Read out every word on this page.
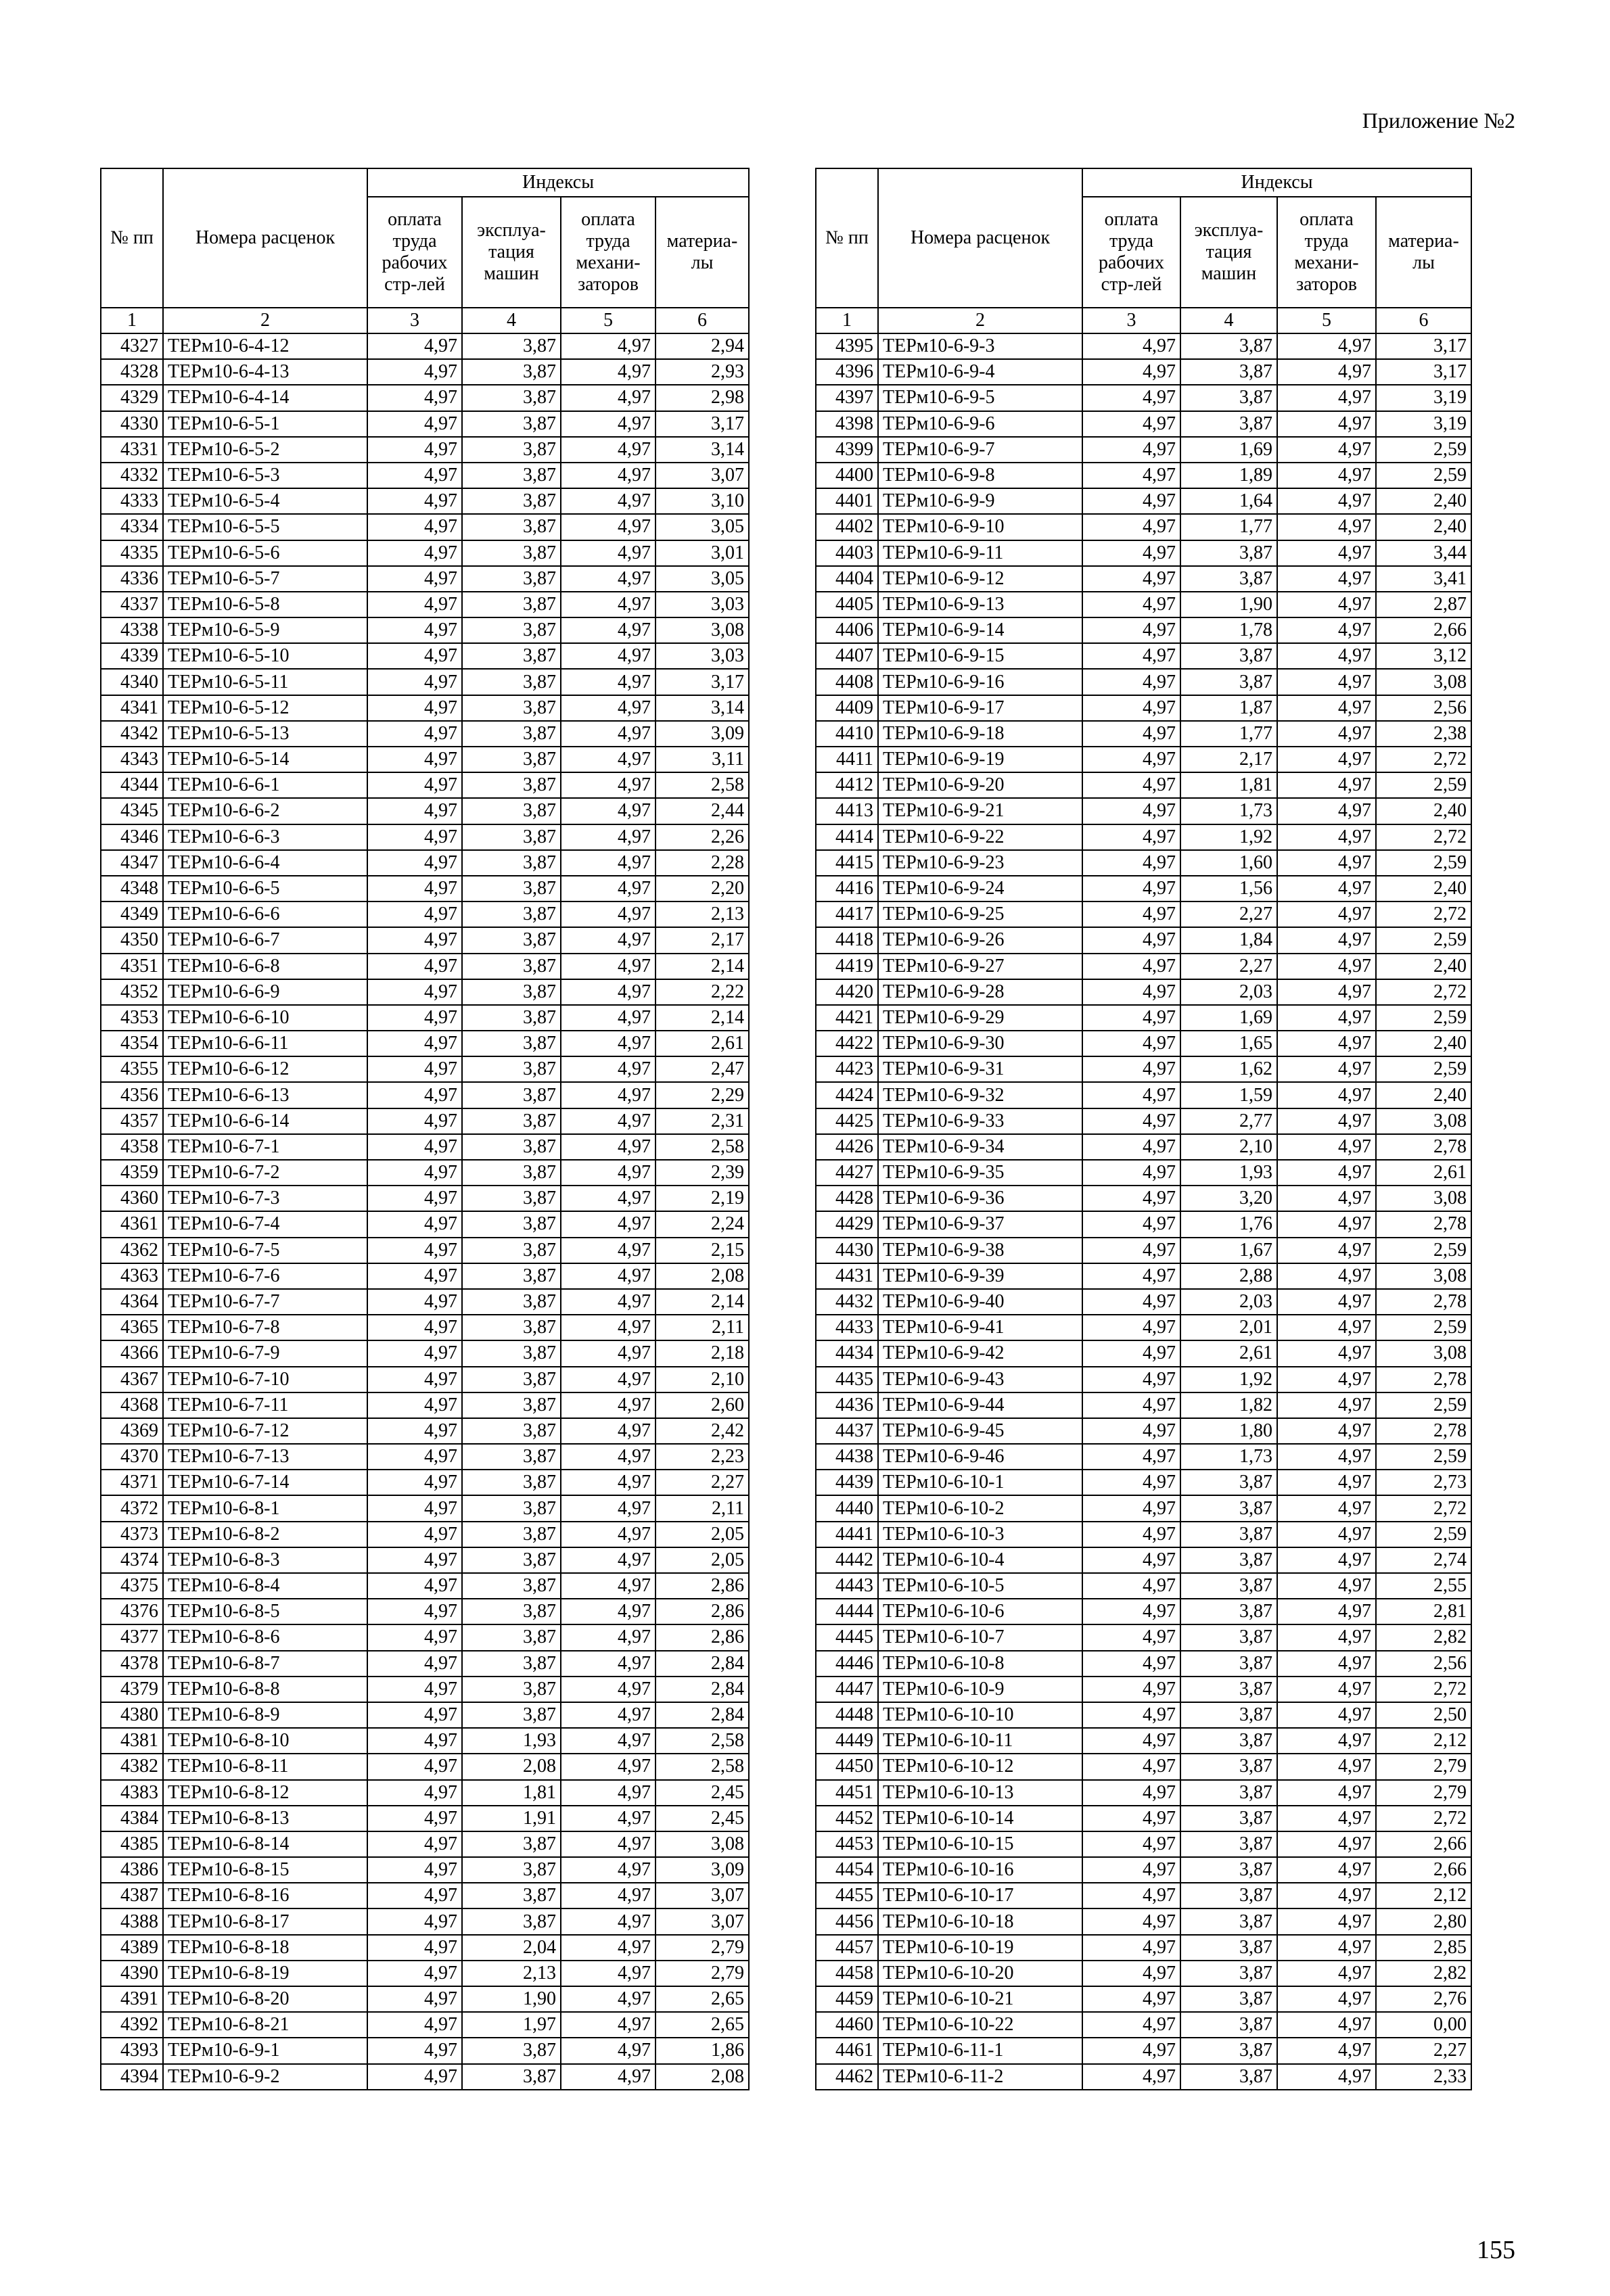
Приложение №2
№ пп	Номера расценок	Индексы			
		оплата труда рабочих стр-лей	эксплуа-тация машин	оплата труда механи-заторов	материа-лы
1	2	3	4	5	6
4327	ТЕРм10-6-4-12	4,97	3,87	4,97	2,94
4328	ТЕРм10-6-4-13	4,97	3,87	4,97	2,93
4329	ТЕРм10-6-4-14	4,97	3,87	4,97	2,98
4330	ТЕРм10-6-5-1	4,97	3,87	4,97	3,17
4331	ТЕРм10-6-5-2	4,97	3,87	4,97	3,14
4332	ТЕРм10-6-5-3	4,97	3,87	4,97	3,07
4333	ТЕРм10-6-5-4	4,97	3,87	4,97	3,10
4334	ТЕРм10-6-5-5	4,97	3,87	4,97	3,05
4335	ТЕРм10-6-5-6	4,97	3,87	4,97	3,01
4336	ТЕРм10-6-5-7	4,97	3,87	4,97	3,05
4337	ТЕРм10-6-5-8	4,97	3,87	4,97	3,03
4338	ТЕРм10-6-5-9	4,97	3,87	4,97	3,08
4339	ТЕРм10-6-5-10	4,97	3,87	4,97	3,03
4340	ТЕРм10-6-5-11	4,97	3,87	4,97	3,17
4341	ТЕРм10-6-5-12	4,97	3,87	4,97	3,14
4342	ТЕРм10-6-5-13	4,97	3,87	4,97	3,09
4343	ТЕРм10-6-5-14	4,97	3,87	4,97	3,11
4344	ТЕРм10-6-6-1	4,97	3,87	4,97	2,58
4345	ТЕРм10-6-6-2	4,97	3,87	4,97	2,44
4346	ТЕРм10-6-6-3	4,97	3,87	4,97	2,26
4347	ТЕРм10-6-6-4	4,97	3,87	4,97	2,28
4348	ТЕРм10-6-6-5	4,97	3,87	4,97	2,20
4349	ТЕРм10-6-6-6	4,97	3,87	4,97	2,13
4350	ТЕРм10-6-6-7	4,97	3,87	4,97	2,17
4351	ТЕРм10-6-6-8	4,97	3,87	4,97	2,14
4352	ТЕРм10-6-6-9	4,97	3,87	4,97	2,22
4353	ТЕРм10-6-6-10	4,97	3,87	4,97	2,14
4354	ТЕРм10-6-6-11	4,97	3,87	4,97	2,61
4355	ТЕРм10-6-6-12	4,97	3,87	4,97	2,47
4356	ТЕРм10-6-6-13	4,97	3,87	4,97	2,29
4357	ТЕРм10-6-6-14	4,97	3,87	4,97	2,31
4358	ТЕРм10-6-7-1	4,97	3,87	4,97	2,58
4359	ТЕРм10-6-7-2	4,97	3,87	4,97	2,39
4360	ТЕРм10-6-7-3	4,97	3,87	4,97	2,19
4361	ТЕРм10-6-7-4	4,97	3,87	4,97	2,24
4362	ТЕРм10-6-7-5	4,97	3,87	4,97	2,15
4363	ТЕРм10-6-7-6	4,97	3,87	4,97	2,08
4364	ТЕРм10-6-7-7	4,97	3,87	4,97	2,14
4365	ТЕРм10-6-7-8	4,97	3,87	4,97	2,11
4366	ТЕРм10-6-7-9	4,97	3,87	4,97	2,18
4367	ТЕРм10-6-7-10	4,97	3,87	4,97	2,10
4368	ТЕРм10-6-7-11	4,97	3,87	4,97	2,60
4369	ТЕРм10-6-7-12	4,97	3,87	4,97	2,42
4370	ТЕРм10-6-7-13	4,97	3,87	4,97	2,23
4371	ТЕРм10-6-7-14	4,97	3,87	4,97	2,27
4372	ТЕРм10-6-8-1	4,97	3,87	4,97	2,11
4373	ТЕРм10-6-8-2	4,97	3,87	4,97	2,05
4374	ТЕРм10-6-8-3	4,97	3,87	4,97	2,05
4375	ТЕРм10-6-8-4	4,97	3,87	4,97	2,86
4376	ТЕРм10-6-8-5	4,97	3,87	4,97	2,86
4377	ТЕРм10-6-8-6	4,97	3,87	4,97	2,86
4378	ТЕРм10-6-8-7	4,97	3,87	4,97	2,84
4379	ТЕРм10-6-8-8	4,97	3,87	4,97	2,84
4380	ТЕРм10-6-8-9	4,97	3,87	4,97	2,84
4381	ТЕРм10-6-8-10	4,97	1,93	4,97	2,58
4382	ТЕРм10-6-8-11	4,97	2,08	4,97	2,58
4383	ТЕРм10-6-8-12	4,97	1,81	4,97	2,45
4384	ТЕРм10-6-8-13	4,97	1,91	4,97	2,45
4385	ТЕРм10-6-8-14	4,97	3,87	4,97	3,08
4386	ТЕРм10-6-8-15	4,97	3,87	4,97	3,09
4387	ТЕРм10-6-8-16	4,97	3,87	4,97	3,07
4388	ТЕРм10-6-8-17	4,97	3,87	4,97	3,07
4389	ТЕРм10-6-8-18	4,97	2,04	4,97	2,79
4390	ТЕРм10-6-8-19	4,97	2,13	4,97	2,79
4391	ТЕРм10-6-8-20	4,97	1,90	4,97	2,65
4392	ТЕРм10-6-8-21	4,97	1,97	4,97	2,65
4393	ТЕРм10-6-9-1	4,97	3,87	4,97	1,86
4394	ТЕРм10-6-9-2	4,97	3,87	4,97	2,08
№ пп	Номера расценок	Индексы			
		оплата труда рабочих стр-лей	эксплуа-тация машин	оплата труда механи-заторов	материа-лы
1	2	3	4	5	6
4395	ТЕРм10-6-9-3	4,97	3,87	4,97	3,17
4396	ТЕРм10-6-9-4	4,97	3,87	4,97	3,17
4397	ТЕРм10-6-9-5	4,97	3,87	4,97	3,19
4398	ТЕРм10-6-9-6	4,97	3,87	4,97	3,19
4399	ТЕРм10-6-9-7	4,97	1,69	4,97	2,59
4400	ТЕРм10-6-9-8	4,97	1,89	4,97	2,59
4401	ТЕРм10-6-9-9	4,97	1,64	4,97	2,40
4402	ТЕРм10-6-9-10	4,97	1,77	4,97	2,40
4403	ТЕРм10-6-9-11	4,97	3,87	4,97	3,44
4404	ТЕРм10-6-9-12	4,97	3,87	4,97	3,41
4405	ТЕРм10-6-9-13	4,97	1,90	4,97	2,87
4406	ТЕРм10-6-9-14	4,97	1,78	4,97	2,66
4407	ТЕРм10-6-9-15	4,97	3,87	4,97	3,12
4408	ТЕРм10-6-9-16	4,97	3,87	4,97	3,08
4409	ТЕРм10-6-9-17	4,97	1,87	4,97	2,56
4410	ТЕРм10-6-9-18	4,97	1,77	4,97	2,38
4411	ТЕРм10-6-9-19	4,97	2,17	4,97	2,72
4412	ТЕРм10-6-9-20	4,97	1,81	4,97	2,59
4413	ТЕРм10-6-9-21	4,97	1,73	4,97	2,40
4414	ТЕРм10-6-9-22	4,97	1,92	4,97	2,72
4415	ТЕРм10-6-9-23	4,97	1,60	4,97	2,59
4416	ТЕРм10-6-9-24	4,97	1,56	4,97	2,40
4417	ТЕРм10-6-9-25	4,97	2,27	4,97	2,72
4418	ТЕРм10-6-9-26	4,97	1,84	4,97	2,59
4419	ТЕРм10-6-9-27	4,97	2,27	4,97	2,40
4420	ТЕРм10-6-9-28	4,97	2,03	4,97	2,72
4421	ТЕРм10-6-9-29	4,97	1,69	4,97	2,59
4422	ТЕРм10-6-9-30	4,97	1,65	4,97	2,40
4423	ТЕРм10-6-9-31	4,97	1,62	4,97	2,59
4424	ТЕРм10-6-9-32	4,97	1,59	4,97	2,40
4425	ТЕРм10-6-9-33	4,97	2,77	4,97	3,08
4426	ТЕРм10-6-9-34	4,97	2,10	4,97	2,78
4427	ТЕРм10-6-9-35	4,97	1,93	4,97	2,61
4428	ТЕРм10-6-9-36	4,97	3,20	4,97	3,08
4429	ТЕРм10-6-9-37	4,97	1,76	4,97	2,78
4430	ТЕРм10-6-9-38	4,97	1,67	4,97	2,59
4431	ТЕРм10-6-9-39	4,97	2,88	4,97	3,08
4432	ТЕРм10-6-9-40	4,97	2,03	4,97	2,78
4433	ТЕРм10-6-9-41	4,97	2,01	4,97	2,59
4434	ТЕРм10-6-9-42	4,97	2,61	4,97	3,08
4435	ТЕРм10-6-9-43	4,97	1,92	4,97	2,78
4436	ТЕРм10-6-9-44	4,97	1,82	4,97	2,59
4437	ТЕРм10-6-9-45	4,97	1,80	4,97	2,78
4438	ТЕРм10-6-9-46	4,97	1,73	4,97	2,59
4439	ТЕРм10-6-10-1	4,97	3,87	4,97	2,73
4440	ТЕРм10-6-10-2	4,97	3,87	4,97	2,72
4441	ТЕРм10-6-10-3	4,97	3,87	4,97	2,59
4442	ТЕРм10-6-10-4	4,97	3,87	4,97	2,74
4443	ТЕРм10-6-10-5	4,97	3,87	4,97	2,55
4444	ТЕРм10-6-10-6	4,97	3,87	4,97	2,81
4445	ТЕРм10-6-10-7	4,97	3,87	4,97	2,82
4446	ТЕРм10-6-10-8	4,97	3,87	4,97	2,56
4447	ТЕРм10-6-10-9	4,97	3,87	4,97	2,72
4448	ТЕРм10-6-10-10	4,97	3,87	4,97	2,50
4449	ТЕРм10-6-10-11	4,97	3,87	4,97	2,12
4450	ТЕРм10-6-10-12	4,97	3,87	4,97	2,79
4451	ТЕРм10-6-10-13	4,97	3,87	4,97	2,79
4452	ТЕРм10-6-10-14	4,97	3,87	4,97	2,72
4453	ТЕРм10-6-10-15	4,97	3,87	4,97	2,66
4454	ТЕРм10-6-10-16	4,97	3,87	4,97	2,66
4455	ТЕРм10-6-10-17	4,97	3,87	4,97	2,12
4456	ТЕРм10-6-10-18	4,97	3,87	4,97	2,80
4457	ТЕРм10-6-10-19	4,97	3,87	4,97	2,85
4458	ТЕРм10-6-10-20	4,97	3,87	4,97	2,82
4459	ТЕРм10-6-10-21	4,97	3,87	4,97	2,76
4460	ТЕРм10-6-10-22	4,97	3,87	4,97	0,00
4461	ТЕРм10-6-11-1	4,97	3,87	4,97	2,27
4462	ТЕРм10-6-11-2	4,97	3,87	4,97	2,33
155
